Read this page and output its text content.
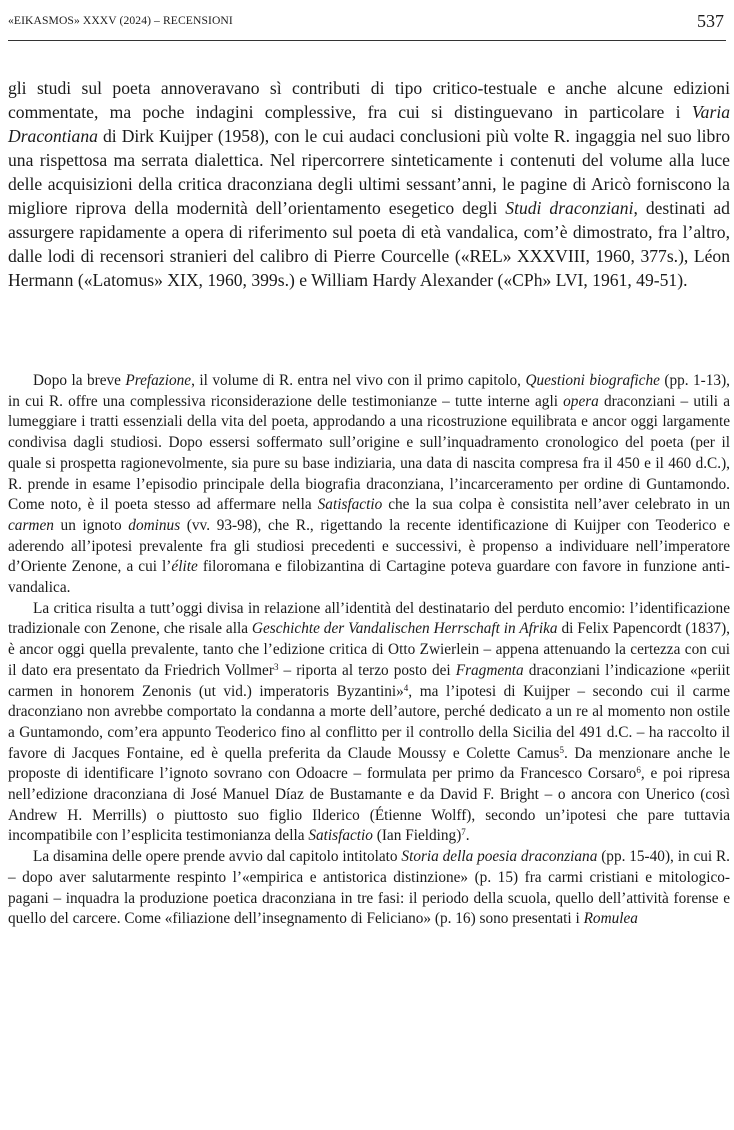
«EIKASMOS» XXXV (2024) – RECENSIONI	537

gli studi sul poeta annoveravano sì contributi di tipo critico-testuale e anche alcune edizioni commentate, ma poche indagini complessive, fra cui si distinguevano in particolare i Varia Dracontiana di Dirk Kuijper (1958), con le cui audaci conclusioni più volte R. ingaggia nel suo libro una rispettosa ma serrata dialettica. Nel ripercorrere sinteticamente i contenuti del volume alla luce delle acquisizioni della critica draconziana degli ultimi sessant’anni, le pagine di Aricò forniscono la migliore riprova della modernità dell’orientamento esegetico degli Studi draconziani, destinati ad assurgere rapidamente a opera di riferimento sul poeta di età vandalica, com’è dimostrato, fra l’altro, dalle lodi di recensori stranieri del calibro di Pierre Courcelle («REL» XXXVIII, 1960, 377s.), Léon Hermann («Latomus» XIX, 1960, 399s.) e William Hardy Alexander («CPh» LVI, 1961, 49-51).

Dopo la breve Prefazione, il volume di R. entra nel vivo con il primo capitolo, Questioni biografiche (pp. 1-13), in cui R. offre una complessiva riconsiderazione delle testimonianze – tutte interne agli opera draconziani – utili a lumeggiare i tratti essenziali della vita del poeta, approdando a una ricostruzione equilibrata e ancor oggi largamente condivisa dagli studiosi. Dopo essersi soffermato sull’origine e sull’inquadramento cronologico del poeta (per il quale si prospetta ragionevolmente, sia pure su base indiziaria, una data di nascita compresa fra il 450 e il 460 d.C.), R. prende in esame l’episodio principale della biografia draconziana, l’incarceramento per ordine di Guntamondo. Come noto, è il poeta stesso ad affermare nella Satisfactio che la sua colpa è consistita nell’aver celebrato in un carmen un ignoto dominus (vv. 93-98), che R., rigettando la recente identificazione di Kuijper con Teoderico e aderendo all’ipotesi prevalente fra gli studiosi precedenti e successivi, è propenso a individuare nell’imperatore d’Oriente Zenone, a cui l’élite filoromana e filobizantina di Cartagine poteva guardare con favore in funzione anti-vandalica.

La critica risulta a tutt’oggi divisa in relazione all’identità del destinatario del perduto encomio: l’identificazione tradizionale con Zenone, che risale alla Geschichte der Vandalischen Herrschaft in Afrika di Felix Papencordt (1837), è ancor oggi quella prevalente, tanto che l’edizione critica di Otto Zwierlein – appena attenuando la certezza con cui il dato era presentato da Friedrich Vollmer$^3$ – riporta al terzo posto dei Fragmenta draconziani l’indicazione «periit carmen in honorem Zenonis (ut vid.) imperatoris Byzantini»$^4$, ma l’ipotesi di Kuijper – secondo cui il carme draconziano non avrebbe comportato la condanna a morte dell’autore, perché dedicato a un re al momento non ostile a Guntamondo, com’era appunto Teoderico fino al conflitto per il controllo della Sicilia del 491 d.C. – ha raccolto il favore di Jacques Fontaine, ed è quella preferita da Claude Moussy e Colette Camus$^5$. Da menzionare anche le proposte di identificare l’ignoto sovrano con Odoacre – formulata per primo da Francesco Corsaro$^6$, e poi ripresa nell’edizione draconziana di José Manuel Díaz de Bustamante e da David F. Bright – o ancora con Unerico (così Andrew H. Merrills) o piuttosto suo figlio Ilderico (Étienne Wolff), secondo un’ipotesi che pare tuttavia incompatibile con l’esplicita testimonianza della Satisfactio (Ian Fielding)$^7$.

La disamina delle opere prende avvio dal capitolo intitolato Storia della poesia draconziana (pp. 15-40), in cui R. – dopo aver salutarmente respinto l’«empirica e antistorica distinzione» (p. 15) fra carmi cristiani e mitologico-pagani – inquadra la produzione poetica draconziana in tre fasi: il periodo della scuola, quello dell’attività forense e quello del carcere. Come «filiazione dell’insegnamento di Feliciano» (p. 16) sono presentati i Romulea
